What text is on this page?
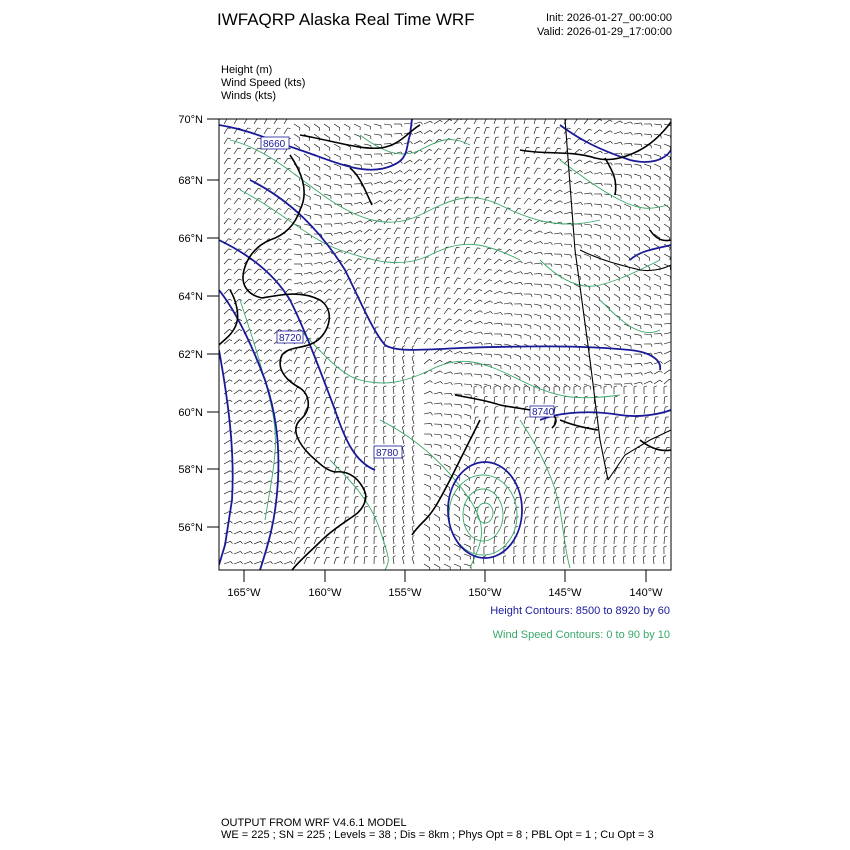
IWFAQRP Alaska Real Time WRF	Init: 2026-01-27_00:00:00
Valid: 2026-01-29_17:00:00
Height (m)
Wind Speed (kts)
Winds (kts)
8660
8720
8780
8740
70°N
68°N
66°N
64°N
62°N
60°N
58°N
56°N
165°W	160°W	155°W	150°W	145°W	140°W
Height Contours: 8500 to 8920 by 60
Wind Speed Contours: 0 to 90 by 10
OUTPUT FROM WRF V4.6.1 MODEL
WE = 225 ; SN = 225 ; Levels = 38 ; Dis = 8km ; Phys Opt = 8 ; PBL Opt = 1 ; Cu Opt = 3
